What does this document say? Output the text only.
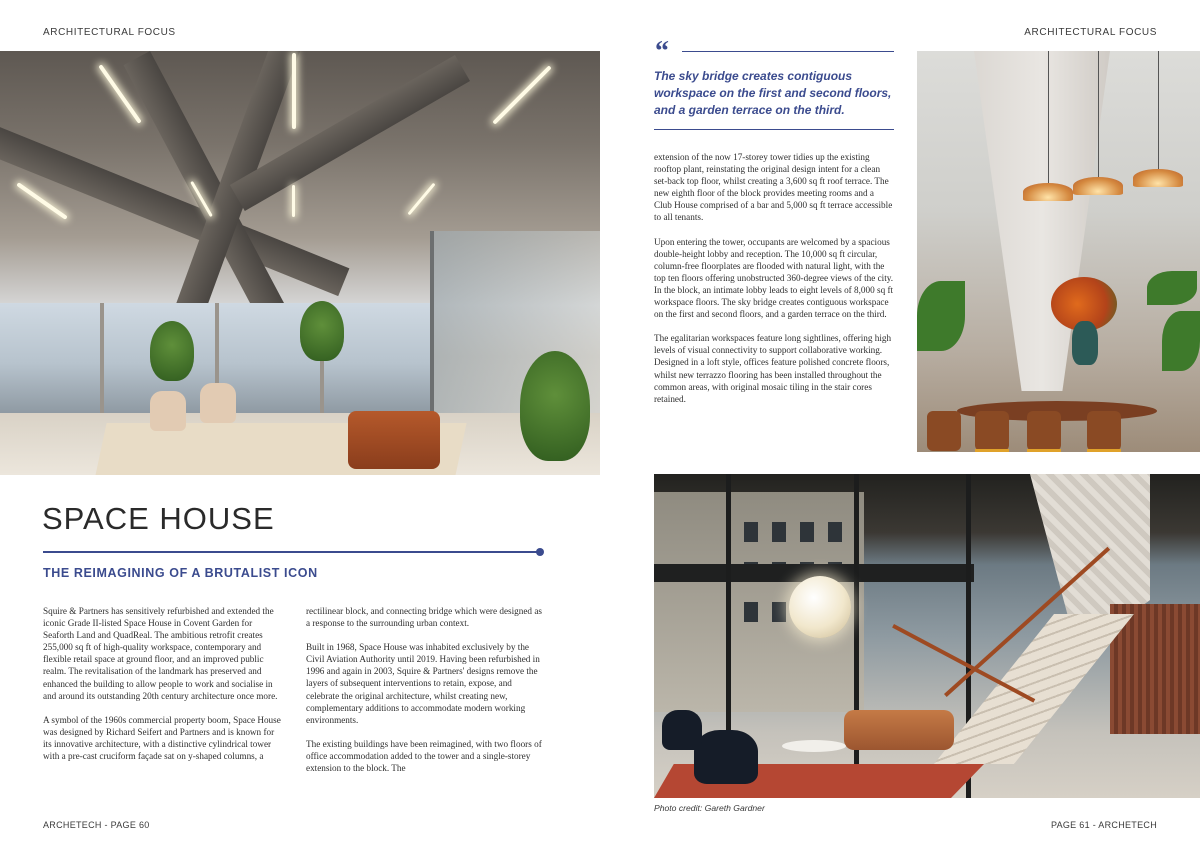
ARCHITECTURAL FOCUS	ARCHITECTURAL FOCUS
SPACE HOUSE
THE REIMAGINING OF A BRUTALIST ICON

Squire & Partners has sensitively refurbished and extended the iconic Grade II-listed Space House in Covent Garden for Seaforth Land and QuadReal. The ambitious retrofit creates 255,000 sq ft of high-quality workspace, contemporary and flexible retail space at ground floor, and an improved public realm. The revitalisation of the landmark has preserved and enhanced the building to allow people to work and socialise in and around its outstanding 20th century architecture once more.

A symbol of the 1960s commercial property boom, Space House was designed by Richard Seifert and Partners and is known for its innovative architecture, with a distinctive cylindrical tower with a pre-cast cruciform façade sat on y-shaped columns, a

rectilinear block, and connecting bridge which were designed as a response to the surrounding urban context.

Built in 1968, Space House was inhabited exclusively by the Civil Aviation Authority until 2019. Having been refurbished in 1996 and again in 2003, Squire & Partners' designs remove the layers of subsequent interventions to retain, expose, and celebrate the original architecture, whilst creating new, complementary additions to accommodate modern working environments.

The existing buildings have been reimagined, with two floors of office accommodation added to the tower and a single-storey extension to the block. The

“

The sky bridge creates contiguous workspace on the first and second floors, and a garden terrace on the third.

extension of the now 17-storey tower tidies up the existing rooftop plant, reinstating the original design intent for a clean set-back top floor, whilst creating a 3,600 sq ft roof terrace. The new eighth floor of the block provides meeting rooms and a Club House comprised of a bar and 5,000 sq ft terrace accessible to all tenants.

Upon entering the tower, occupants are welcomed by a spacious double-height lobby and reception. The 10,000 sq ft circular, column-free floorplates are flooded with natural light, with the top ten floors offering unobstructed 360-degree views of the city. In the block, an intimate lobby leads to eight levels of 8,000 sq ft workspace floors. The sky bridge creates contiguous workspace on the first and second floors, and a garden terrace on the third.

The egalitarian workspaces feature long sightlines, offering high levels of visual connectivity to support collaborative working. Designed in a loft style, offices feature polished concrete floors, whilst new terrazzo flooring has been installed throughout the common areas, with original mosaic tiling in the stair cores retained.

Photo credit: Gareth Gardner
ARCHETECH - PAGE 60	PAGE 61 - ARCHETECH
